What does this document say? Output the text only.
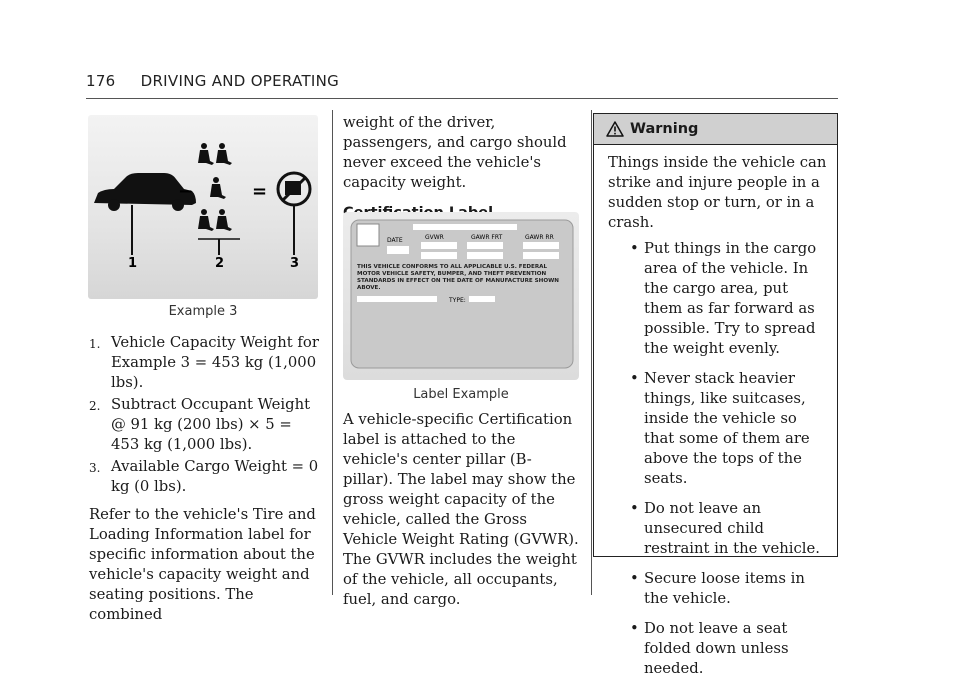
176 DRIVING AND OPERATING
−	=
1	2	3
Example 3
1. Vehicle Capacity Weight for Example 3 = 453 kg (1,000 lbs).
2. Subtract Occupant Weight @ 91 kg (200 lbs) × 5 = 453 kg (1,000 lbs).
3. Available Cargo Weight = 0 kg (0 lbs).

Refer to the vehicle's Tire and Loading Information label for specific information about the vehicle's capacity weight and seating positions. The combined

weight of the driver, passengers, and cargo should never exceed the vehicle's capacity weight.

DATE	GVWR	GAWR FRT	GAWR RR
THIS VEHICLE CONFORMS TO ALL APPLICABLE U.S. FEDERAL MOTOR VEHICLE SAFETY, BUMPER, AND THEFT PREVENTION STANDARDS IN EFFECT ON THE DATE OF MANUFACTURE SHOWN ABOVE.
TYPE:
Label Example

A vehicle-specific Certification label is attached to the vehicle's center pillar (B-pillar). The label may show the gross weight capacity of the vehicle, called the Gross Vehicle Weight Rating (GVWR). The GVWR includes the weight of the vehicle, all occupants, fuel, and cargo.

Warning

Things inside the vehicle can strike and injure people in a sudden stop or turn, or in a crash.

• Put things in the cargo area of the vehicle. In the cargo area, put them as far forward as possible. Try to spread the weight evenly.
• Never stack heavier things, like suitcases, inside the vehicle so that some of them are above the tops of the seats.
• Do not leave an unsecured child restraint in the vehicle.
• Secure loose items in the vehicle.
• Do not leave a seat folded down unless needed.
